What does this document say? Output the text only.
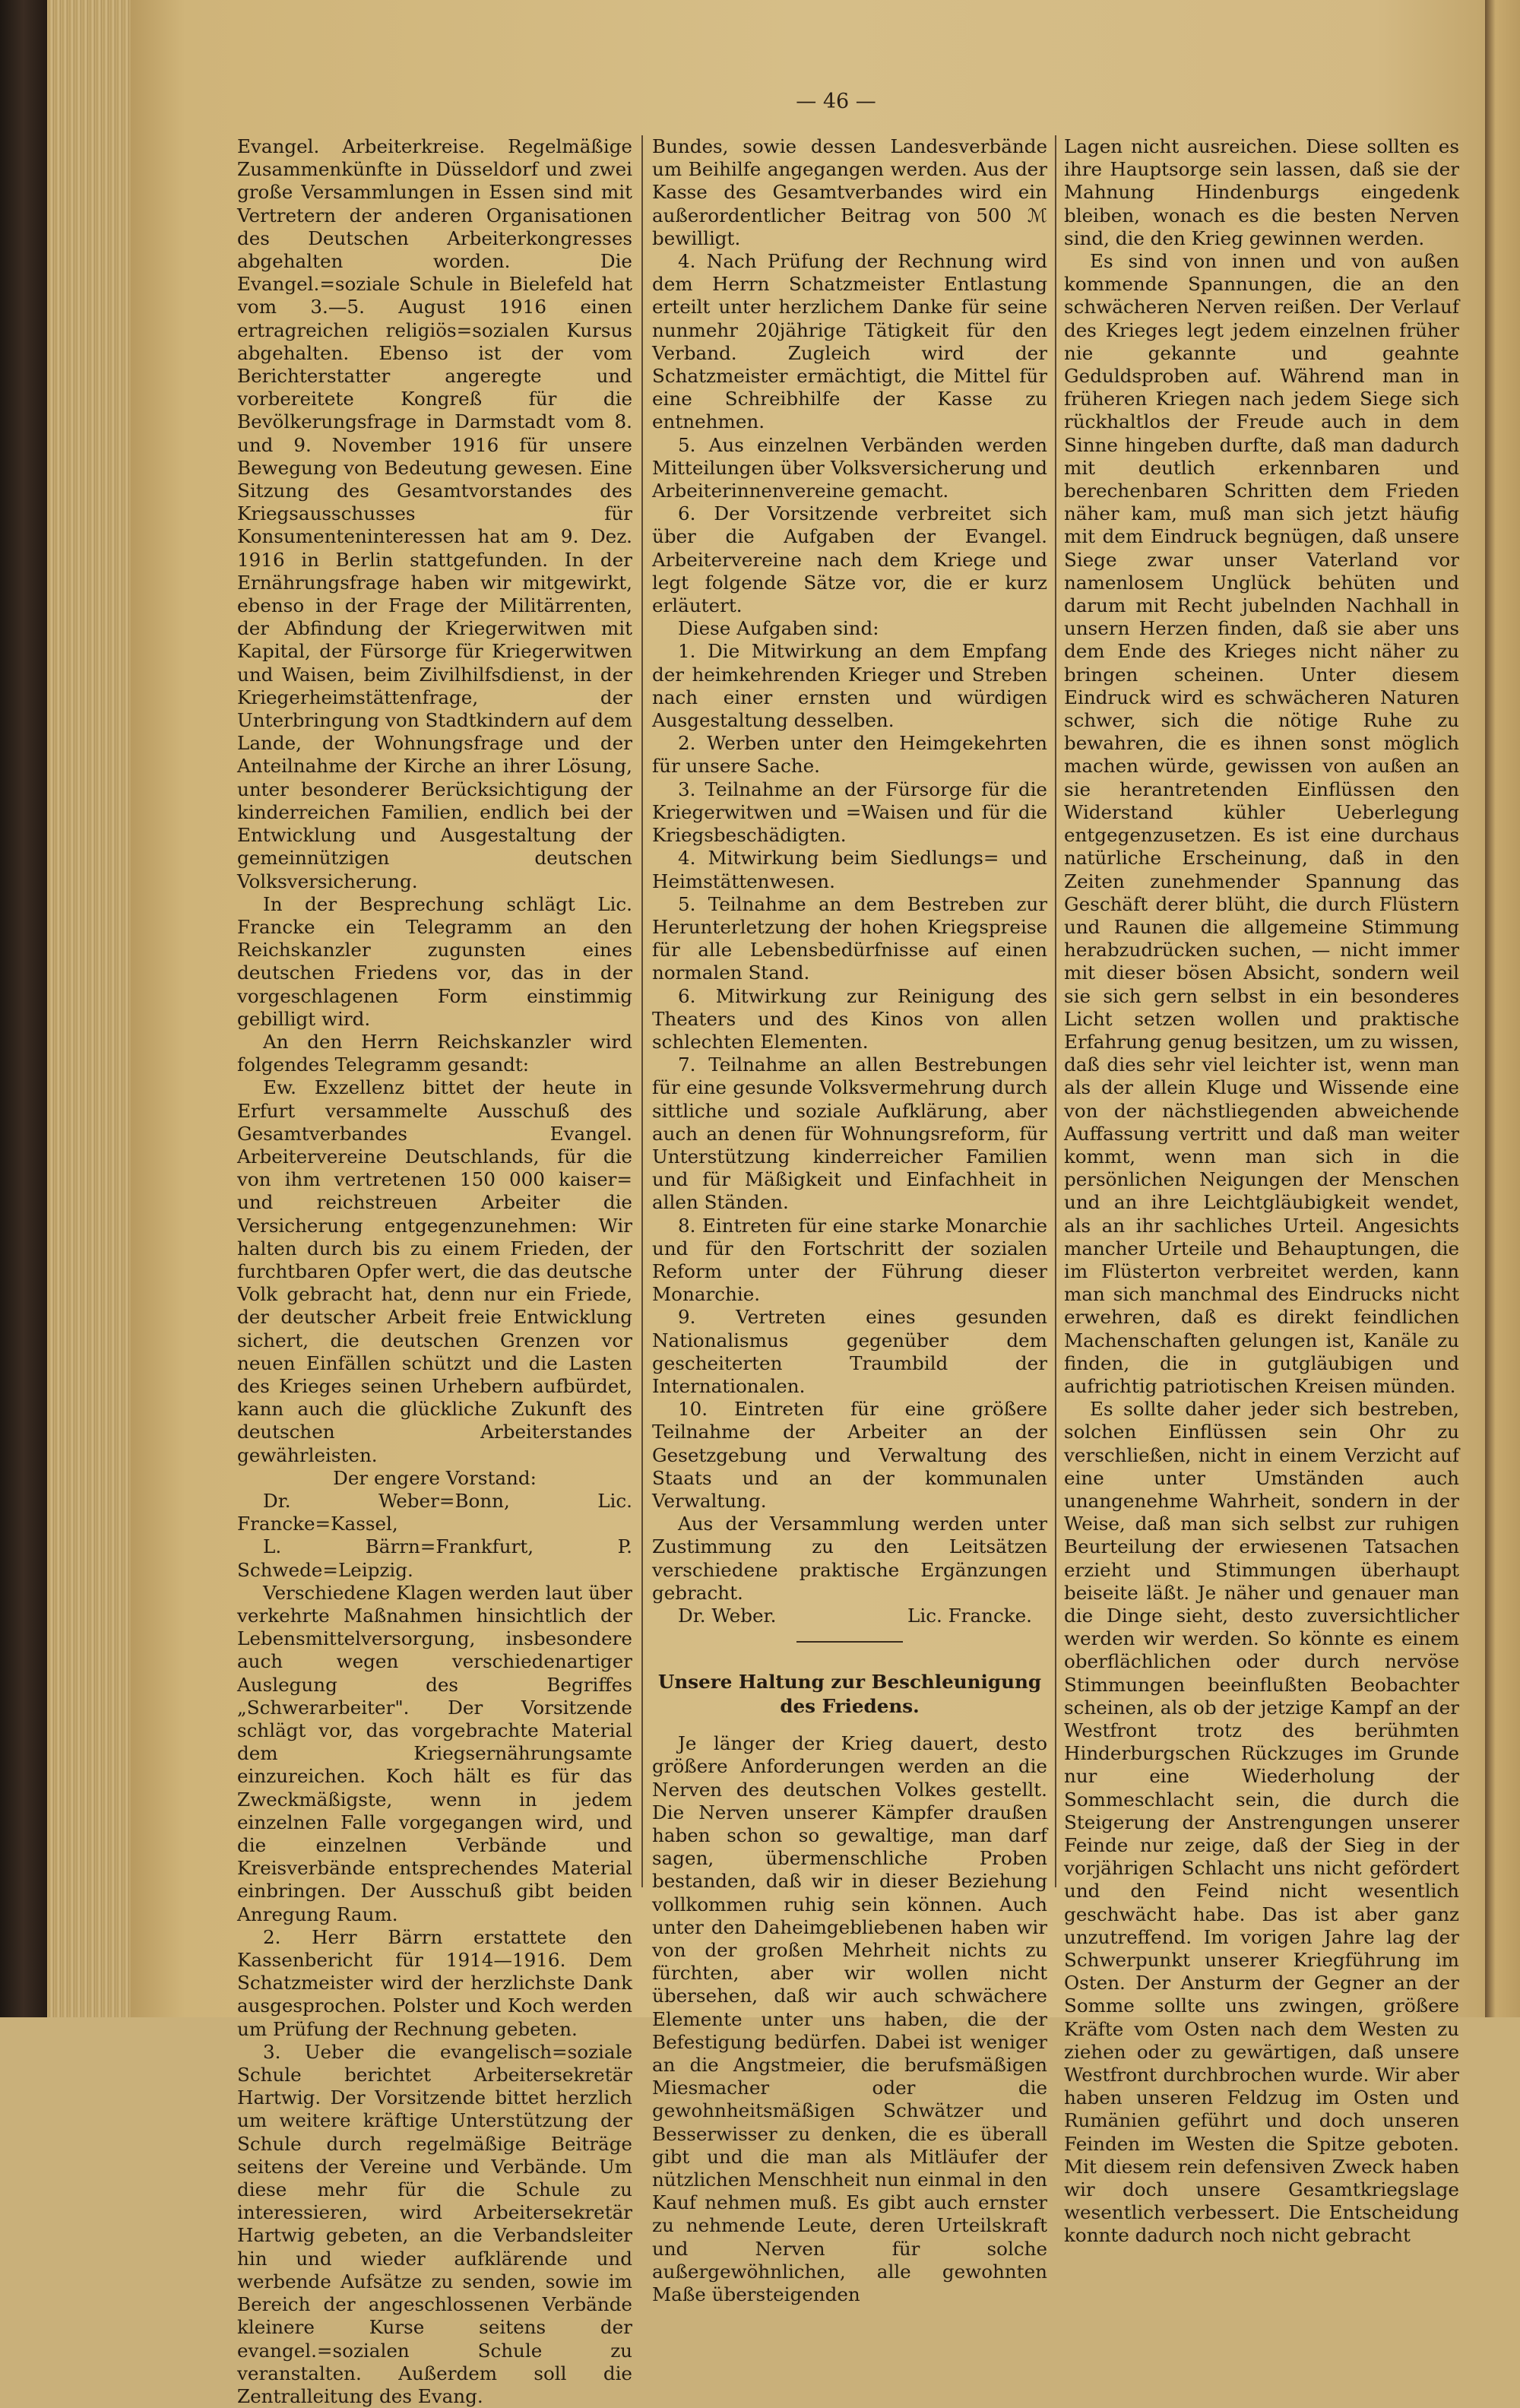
— 46 —

Evangel. Arbeiterkreise. Regelmäßige Zusammenkünfte in Düsseldorf und zwei große Versammlungen in Essen sind mit Vertretern der anderen Organisationen des Deutschen Arbeiterkongresses abgehalten worden. Die Evangel.=soziale Schule in Bielefeld hat vom 3.—5. August 1916 einen ertragreichen religiös=sozialen Kursus abgehalten. Ebenso ist der vom Berichterstatter angeregte und vorbereitete Kongreß für die Bevölkerungsfrage in Darmstadt vom 8. und 9. November 1916 für unsere Bewegung von Bedeutung gewesen. Eine Sitzung des Gesamtvorstandes des Kriegsausschusses für Konsumenteninteressen hat am 9. Dez. 1916 in Berlin stattgefunden. In der Ernährungsfrage haben wir mitgewirkt, ebenso in der Frage der Militärrenten, der Abfindung der Kriegerwitwen mit Kapital, der Fürsorge für Kriegerwitwen und Waisen, beim Zivilhilfsdienst, in der Kriegerheimstättenfrage, der Unterbringung von Stadtkindern auf dem Lande, der Wohnungsfrage und der Anteilnahme der Kirche an ihrer Lösung, unter besonderer Berücksichtigung der kinderreichen Familien, endlich bei der Entwicklung und Ausgestaltung der gemeinnützigen deutschen Volksversicherung.

In der Besprechung schlägt Lic. Francke ein Telegramm an den Reichskanzler zugunsten eines deutschen Friedens vor, das in der vorgeschlagenen Form einstimmig gebilligt wird.

An den Herrn Reichskanzler wird folgendes Telegramm gesandt:

Ew. Exzellenz bittet der heute in Erfurt versammelte Ausschuß des Gesamtverbandes Evangel. Arbeitervereine Deutschlands, für die von ihm vertretenen 150 000 kaiser= und reichstreuen Arbeiter die Versicherung entgegenzunehmen: Wir halten durch bis zu einem Frieden, der furchtbaren Opfer wert, die das deutsche Volk gebracht hat, denn nur ein Friede, der deutscher Arbeit freie Entwicklung sichert, die deutschen Grenzen vor neuen Einfällen schützt und die Lasten des Krieges seinen Urhebern aufbürdet, kann auch die glückliche Zukunft des deutschen Arbeiterstandes gewährleisten.

Der engere Vorstand:

Dr. Weber=Bonn, Lic. Francke=Kassel,

L. Bärrn=Frankfurt, P. Schwede=Leipzig.

Verschiedene Klagen werden laut über verkehrte Maßnahmen hinsichtlich der Lebensmittelversorgung, insbesondere auch wegen verschiedenartiger Auslegung des Begriffes „Schwerarbeiter". Der Vorsitzende schlägt vor, das vorgebrachte Material dem Kriegsernährungsamte einzureichen. Koch hält es für das Zweckmäßigste, wenn in jedem einzelnen Falle vorgegangen wird, und die einzelnen Verbände und Kreisverbände entsprechendes Material einbringen. Der Ausschuß gibt beiden Anregung Raum.

2. Herr Bärrn erstattete den Kassenbericht für 1914—1916. Dem Schatzmeister wird der herzlichste Dank ausgesprochen. Polster und Koch werden um Prüfung der Rechnung gebeten.

3. Ueber die evangelisch=soziale Schule berichtet Arbeitersekretär Hartwig. Der Vorsitzende bittet herzlich um weitere kräftige Unterstützung der Schule durch regelmäßige Beiträge seitens der Vereine und Verbände. Um diese mehr für die Schule zu interessieren, wird Arbeitersekretär Hartwig gebeten, an die Verbandsleiter hin und wieder aufklärende und werbende Aufsätze zu senden, sowie im Bereich der angeschlossenen Verbände kleinere Kurse seitens der evangel.=sozialen Schule zu veranstalten. Außerdem soll die Zentralleitung des Evang.

Bundes, sowie dessen Landesverbände um Beihilfe angegangen werden. Aus der Kasse des Gesamtverbandes wird ein außerordentlicher Beitrag von 500 ℳ bewilligt.

4. Nach Prüfung der Rechnung wird dem Herrn Schatzmeister Entlastung erteilt unter herzlichem Danke für seine nunmehr 20jährige Tätigkeit für den Verband. Zugleich wird der Schatzmeister ermächtigt, die Mittel für eine Schreibhilfe der Kasse zu entnehmen.

5. Aus einzelnen Verbänden werden Mitteilungen über Volksversicherung und Arbeiterinnenvereine gemacht.

6. Der Vorsitzende verbreitet sich über die Aufgaben der Evangel. Arbeitervereine nach dem Kriege und legt folgende Sätze vor, die er kurz erläutert.

Diese Aufgaben sind:

1. Die Mitwirkung an dem Empfang der heimkehrenden Krieger und Streben nach einer ernsten und würdigen Ausgestaltung desselben.

2. Werben unter den Heimgekehrten für unsere Sache.

3. Teilnahme an der Fürsorge für die Kriegerwitwen und =Waisen und für die Kriegsbeschädigten.

4. Mitwirkung beim Siedlungs= und Heimstättenwesen.

5. Teilnahme an dem Bestreben zur Herunterletzung der hohen Kriegspreise für alle Lebensbedürfnisse auf einen normalen Stand.

6. Mitwirkung zur Reinigung des Theaters und des Kinos von allen schlechten Elementen.

7. Teilnahme an allen Bestrebungen für eine gesunde Volksvermehrung durch sittliche und soziale Aufklärung, aber auch an denen für Wohnungsreform, für Unterstützung kinderreicher Familien und für Mäßigkeit und Einfachheit in allen Ständen.

8. Eintreten für eine starke Monarchie und für den Fortschritt der sozialen Reform unter der Führung dieser Monarchie.

9. Vertreten eines gesunden Nationalismus gegenüber dem gescheiterten Traumbild der Internationalen.

10. Eintreten für eine größere Teilnahme der Arbeiter an der Gesetzgebung und Verwaltung des Staats und an der kommunalen Verwaltung.

Aus der Versammlung werden unter Zustimmung zu den Leitsätzen verschiedene praktische Ergänzungen gebracht.

Dr. Weber.	Lic. Francke.

Unsere Haltung zur Beschleunigung des Friedens.

Je länger der Krieg dauert, desto größere Anforderungen werden an die Nerven des deutschen Volkes gestellt. Die Nerven unserer Kämpfer draußen haben schon so gewaltige, man darf sagen, übermenschliche Proben bestanden, daß wir in dieser Beziehung vollkommen ruhig sein können. Auch unter den Daheimgebliebenen haben wir von der großen Mehrheit nichts zu fürchten, aber wir wollen nicht übersehen, daß wir auch schwächere Elemente unter uns haben, die der Befestigung bedürfen. Dabei ist weniger an die Angstmeier, die berufsmäßigen Miesmacher oder die gewohnheitsmäßigen Schwätzer und Besserwisser zu denken, die es überall gibt und die man als Mitläufer der nützlichen Menschheit nun einmal in den Kauf nehmen muß. Es gibt auch ernster zu nehmende Leute, deren Urteilskraft und Nerven für solche außergewöhnlichen, alle gewohnten Maße übersteigenden

Lagen nicht ausreichen. Diese sollten es ihre Hauptsorge sein lassen, daß sie der Mahnung Hindenburgs eingedenk bleiben, wonach es die besten Nerven sind, die den Krieg gewinnen werden.

Es sind von innen und von außen kommende Spannungen, die an den schwächeren Nerven reißen. Der Verlauf des Krieges legt jedem einzelnen früher nie gekannte und geahnte Geduldsproben auf. Während man in früheren Kriegen nach jedem Siege sich rückhaltlos der Freude auch in dem Sinne hingeben durfte, daß man dadurch mit deutlich erkennbaren und berechenbaren Schritten dem Frieden näher kam, muß man sich jetzt häufig mit dem Eindruck begnügen, daß unsere Siege zwar unser Vaterland vor namenlosem Unglück behüten und darum mit Recht jubelnden Nachhall in unsern Herzen finden, daß sie aber uns dem Ende des Krieges nicht näher zu bringen scheinen. Unter diesem Eindruck wird es schwächeren Naturen schwer, sich die nötige Ruhe zu bewahren, die es ihnen sonst möglich machen würde, gewissen von außen an sie herantretenden Einflüssen den Widerstand kühler Ueberlegung entgegenzusetzen. Es ist eine durchaus natürliche Erscheinung, daß in den Zeiten zunehmender Spannung das Geschäft derer blüht, die durch Flüstern und Raunen die allgemeine Stimmung herabzudrücken suchen, — nicht immer mit dieser bösen Absicht, sondern weil sie sich gern selbst in ein besonderes Licht setzen wollen und praktische Erfahrung genug besitzen, um zu wissen, daß dies sehr viel leichter ist, wenn man als der allein Kluge und Wissende eine von der nächstliegenden abweichende Auffassung vertritt und daß man weiter kommt, wenn man sich in die persönlichen Neigungen der Menschen und an ihre Leichtgläubigkeit wendet, als an ihr sachliches Urteil. Angesichts mancher Urteile und Behauptungen, die im Flüsterton verbreitet werden, kann man sich manchmal des Eindrucks nicht erwehren, daß es direkt feindlichen Machenschaften gelungen ist, Kanäle zu finden, die in gutgläubigen und aufrichtig patriotischen Kreisen münden.

Es sollte daher jeder sich bestreben, solchen Einflüssen sein Ohr zu verschließen, nicht in einem Verzicht auf eine unter Umständen auch unangenehme Wahrheit, sondern in der Weise, daß man sich selbst zur ruhigen Beurteilung der erwiesenen Tatsachen erzieht und Stimmungen überhaupt beiseite läßt. Je näher und genauer man die Dinge sieht, desto zuversichtlicher werden wir werden. So könnte es einem oberflächlichen oder durch nervöse Stimmungen beeinflußten Beobachter scheinen, als ob der jetzige Kampf an der Westfront trotz des berühmten Hinderburgschen Rückzuges im Grunde nur eine Wiederholung der Sommeschlacht sein, die durch die Steigerung der Anstrengungen unserer Feinde nur zeige, daß der Sieg in der vorjährigen Schlacht uns nicht gefördert und den Feind nicht wesentlich geschwächt habe. Das ist aber ganz unzutreffend. Im vorigen Jahre lag der Schwerpunkt unserer Kriegführung im Osten. Der Ansturm der Gegner an der Somme sollte uns zwingen, größere Kräfte vom Osten nach dem Westen zu ziehen oder zu gewärtigen, daß unsere Westfront durchbrochen wurde. Wir aber haben unseren Feldzug im Osten und Rumänien geführt und doch unseren Feinden im Westen die Spitze geboten. Mit diesem rein defensiven Zweck haben wir doch unsere Gesamtkriegslage wesentlich verbessert. Die Entscheidung konnte dadurch noch nicht gebracht
